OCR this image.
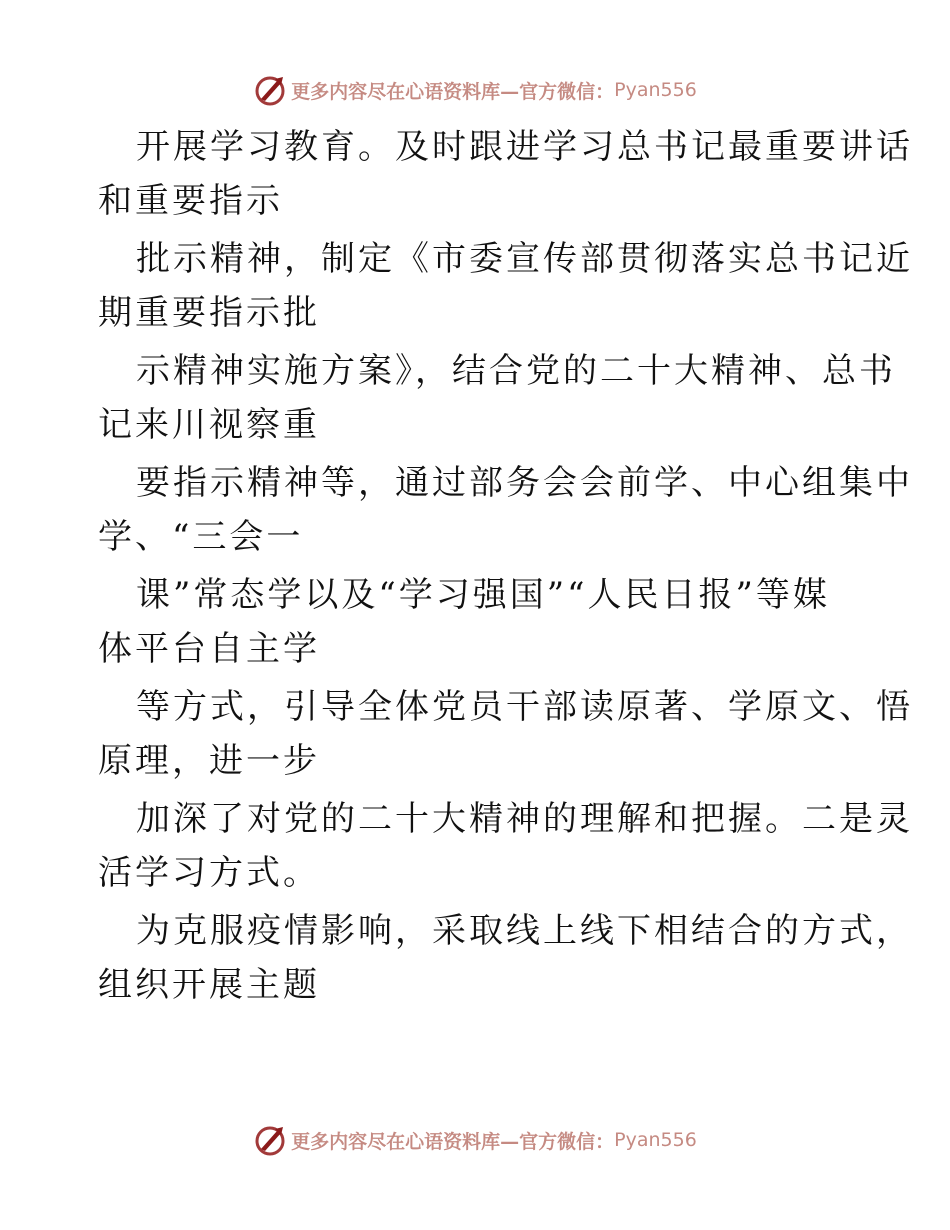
更多内容尽在心语资料库—官方微信： Pyan556

开展学习教育。及时跟进学习总书记最重要讲话
和重要指示

批示精神，制定《市委宣传部贯彻落实总书记近
期重要指示批

示精神实施方案》，结合党的二十大精神、总书
记来川视察重

要指示精神等，通过部务会会前学、中心组集中
学、“三会一

课”常态学以及“学习强国”“人民日报”等媒
体平台自主学

等方式，引导全体党员干部读原著、学原文、悟
原理，进一步

加深了对党的二十大精神的理解和把握。二是灵
活学习方式。

为克服疫情影响，采取线上线下相结合的方式，
组织开展主题

更多内容尽在心语资料库—官方微信： Pyan556
